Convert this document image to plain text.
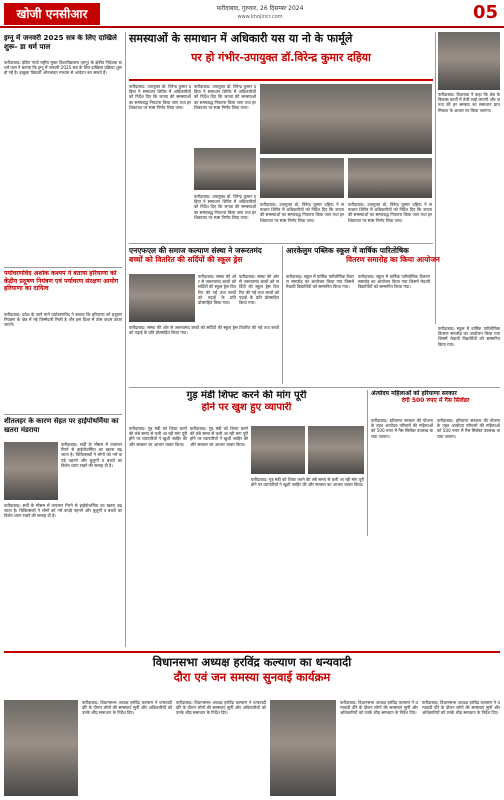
खोजी एनसीआर	फरीदाबाद, गुरुवार, 26 दिसम्बर 2024
www.khojincr.com	05
इग्नू में जनवरी 2025 सत्र के लिए दाखिले शुरू- डा धर्म पाल
फरीदाबाद। इंदिरा गांधी राष्ट्रीय मुक्त विश्वविद्यालय (इग्नू) के क्षेत्रीय निदेशक डा धर्म पाल ने बताया कि इग्नू में जनवरी 2025 सत्र के लिए दाखिला प्रक्रिया शुरू हो गई है। इच्छुक विद्यार्थी ऑनलाइन माध्यम से आवेदन कर सकते हैं।
पर्यावरणविद अशोक कश्यप ने बताया हरियाणा को केंद्रीय प्रदूषण नियंत्रण एवं पर्यावरण संरक्षण आयोग हरियाणा का दायित्व
फरीदाबाद। प्रदेश के जाने माने पर्यावरणविद ने बताया कि हरियाणा को प्रदूषण नियंत्रण के क्षेत्र में नई जिम्मेदारी मिली है और इस दिशा में ठोस कदम उठाए जाएंगे।
शीतलहर के कारण सेहत पर हाईपोथर्मिया का खतरा मंडराया
फरीदाबाद। सर्दी के मौसम में तापमान गिरने से हाईपोथर्मिया का खतरा बढ़ जाता है। चिकित्सकों ने लोगों को गर्म कपड़े पहनने और बुजुर्गों व बच्चों का विशेष ध्यान रखने की सलाह दी है।
फरीदाबाद। सर्दी के मौसम में तापमान गिरने से हाईपोथर्मिया का खतरा बढ़ जाता है। चिकित्सकों ने लोगों को गर्म कपड़े पहनने और बुजुर्गों व बच्चों का विशेष ध्यान रखने की सलाह दी है।
समस्याओं के समाधान में अधिकारी यस या नो के फार्मूले
पर हो गंभीर-उपायुक्त डॉ.विरेन्द्र कुमार दहिया
फरीदाबाद। उपायुक्त डॉ. विरेन्द्र कुमार दहिया ने समाधान शिविर में अधिकारियों को निर्देश दिए कि जनता की समस्याओं का समयबद्ध निपटारा किया जाए तथा हर शिकायत पर स्पष्ट निर्णय लिया जाए।
फरीदाबाद। उपायुक्त डॉ. विरेन्द्र कुमार दहिया ने समाधान शिविर में अधिकारियों को निर्देश दिए कि जनता की समस्याओं का समयबद्ध निपटारा किया जाए तथा हर शिकायत पर स्पष्ट निर्णय लिया जाए।
फरीदाबाद। उपायुक्त डॉ. विरेन्द्र कुमार दहिया ने समाधान शिविर में अधिकारियों को निर्देश दिए कि जनता की समस्याओं का समयबद्ध निपटारा किया जाए तथा हर शिकायत पर स्पष्ट निर्णय लिया जाए।
फरीदाबाद। उपायुक्त डॉ. विरेन्द्र कुमार दहिया ने समाधान शिविर में अधिकारियों को निर्देश दिए कि जनता की समस्याओं का समयबद्ध निपटारा किया जाए तथा हर शिकायत पर स्पष्ट निर्णय लिया जाए।
फरीदाबाद। उपायुक्त डॉ. विरेन्द्र कुमार दहिया ने समाधान शिविर में अधिकारियों को निर्देश दिए कि जनता की समस्याओं का समयबद्ध निपटारा किया जाए तथा हर शिकायत पर स्पष्ट निर्णय लिया जाए।
फरीदाबाद। विधायक ने कहा कि क्षेत्र के विकास कार्यों में तेजी लाई जाएगी और जनता की हर समस्या का समाधान प्राथमिकता के आधार पर किया जाएगा।
एनएफएल की समाज कल्याण संस्था ने जरूरतमंद
बच्चों को वितरित की सर्दियों की स्कूल ड्रेस
फरीदाबाद। संस्था की ओर से जरूरतमंद बच्चों को सर्दियों की स्कूल ड्रेस वितरित की गई तथा बच्चों को पढ़ाई के प्रति प्रोत्साहित किया गया।
फरीदाबाद। संस्था की ओर से जरूरतमंद बच्चों को सर्दियों की स्कूल ड्रेस वितरित की गई तथा बच्चों को पढ़ाई के प्रति प्रोत्साहित किया गया।
फरीदाबाद। संस्था की ओर से जरूरतमंद बच्चों को सर्दियों की स्कूल ड्रेस वितरित की गई तथा बच्चों को पढ़ाई के प्रति प्रोत्साहित किया गया।
आरकेलुम पब्लिक स्कूल में वार्षिक पारितोषिक
वितरण समारोह का किया आयोजन
फरीदाबाद। स्कूल में वार्षिक पारितोषिक वितरण समारोह का आयोजन किया गया जिसमें मेधावी विद्यार्थियों को सम्मानित किया गया।
फरीदाबाद। स्कूल में वार्षिक पारितोषिक वितरण समारोह का आयोजन किया गया जिसमें मेधावी विद्यार्थियों को सम्मानित किया गया।
फरीदाबाद। स्कूल में वार्षिक पारितोषिक वितरण समारोह का आयोजन किया गया जिसमें मेधावी विद्यार्थियों को सम्मानित किया गया।
गुड़ मंडी शिफ्ट करने की मांग पूरी
होने पर खुश हुए व्यापारी
फरीदाबाद। गुड़ मंडी को शिफ्ट करने की लंबे समय से चली आ रही मांग पूरी होने पर व्यापारियों ने खुशी जाहिर की और सरकार का आभार व्यक्त किया।
फरीदाबाद। गुड़ मंडी को शिफ्ट करने की लंबे समय से चली आ रही मांग पूरी होने पर व्यापारियों ने खुशी जाहिर की और सरकार का आभार व्यक्त किया।
फरीदाबाद। गुड़ मंडी को शिफ्ट करने की लंबे समय से चली आ रही मांग पूरी होने पर व्यापारियों ने खुशी जाहिर की और सरकार का आभार व्यक्त किया।
अंत्योदय महिलाओं को हरियाणा सरकार
देगी 500 रुपए में गैस सिलेंडर
फरीदाबाद। हरियाणा सरकार की योजना के तहत अंत्योदय परिवारों की महिलाओं को 500 रुपए में गैस सिलेंडर उपलब्ध कराया जाएगा।
फरीदाबाद। हरियाणा सरकार की योजना के तहत अंत्योदय परिवारों की महिलाओं को 500 रुपए में गैस सिलेंडर उपलब्ध कराया जाएगा।
विधानसभा अध्यक्ष हरविंद्र कल्याण का धन्यवादी
दौरा एवं जन समस्या सुनवाई कार्यक्रम
फरीदाबाद। विधानसभा अध्यक्ष हरविंद्र कल्याण ने धन्यवादी दौरे के दौरान लोगों की समस्याएं सुनीं और अधिकारियों को उनके शीघ्र समाधान के निर्देश दिए।
फरीदाबाद। विधानसभा अध्यक्ष हरविंद्र कल्याण ने धन्यवादी दौरे के दौरान लोगों की समस्याएं सुनीं और अधिकारियों को उनके शीघ्र समाधान के निर्देश दिए।
फरीदाबाद। विधानसभा अध्यक्ष हरविंद्र कल्याण ने धन्यवादी दौरे के दौरान लोगों की समस्याएं सुनीं और अधिकारियों को उनके शीघ्र समाधान के निर्देश दिए।
फरीदाबाद। विधानसभा अध्यक्ष हरविंद्र कल्याण ने धन्यवादी दौरे के दौरान लोगों की समस्याएं सुनीं और अधिकारियों को उनके शीघ्र समाधान के निर्देश दिए।
